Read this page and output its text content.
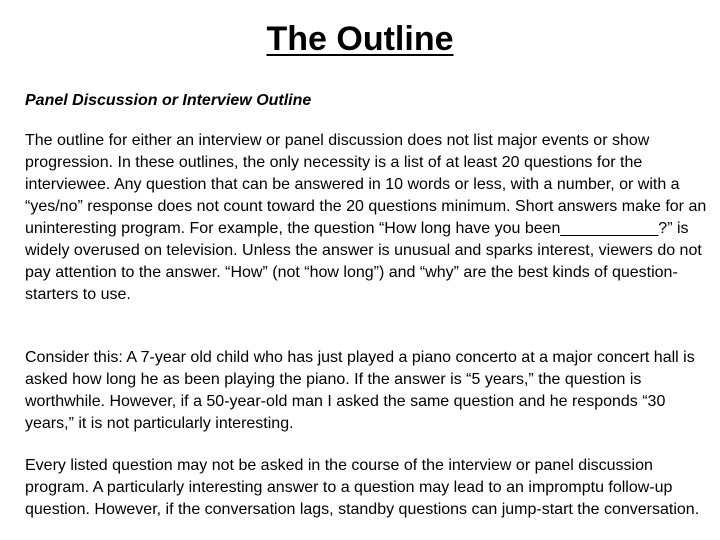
The Outline
Panel Discussion or Interview Outline

The outline for either an interview or panel discussion does not list major events or show progression. In these outlines, the only necessity is a list of at least 20 questions for the interviewee. Any question that can be answered in 10 words or less, with a number, or with a “yes/no” response does not count toward the 20 questions minimum. Short answers make for an uninteresting program. For example, the question “How long have you been___________?” is widely overused on television. Unless the answer is unusual and sparks interest, viewers do not pay attention to the answer. “How” (not “how long”) and “why” are the best kinds of question-starters to use.

Consider this: A 7-year old child who has just played a piano concerto at a major concert hall is asked how long he as been playing the piano. If the answer is “5 years,” the question is worthwhile. However, if a 50-year-old man I asked the same question and he responds “30 years,” it is not particularly interesting.

Every listed question may not be asked in the course of the interview or panel discussion program. A particularly interesting answer to a question may lead to an impromptu follow-up question. However, if the conversation lags, standby questions can jump-start the conversation.
